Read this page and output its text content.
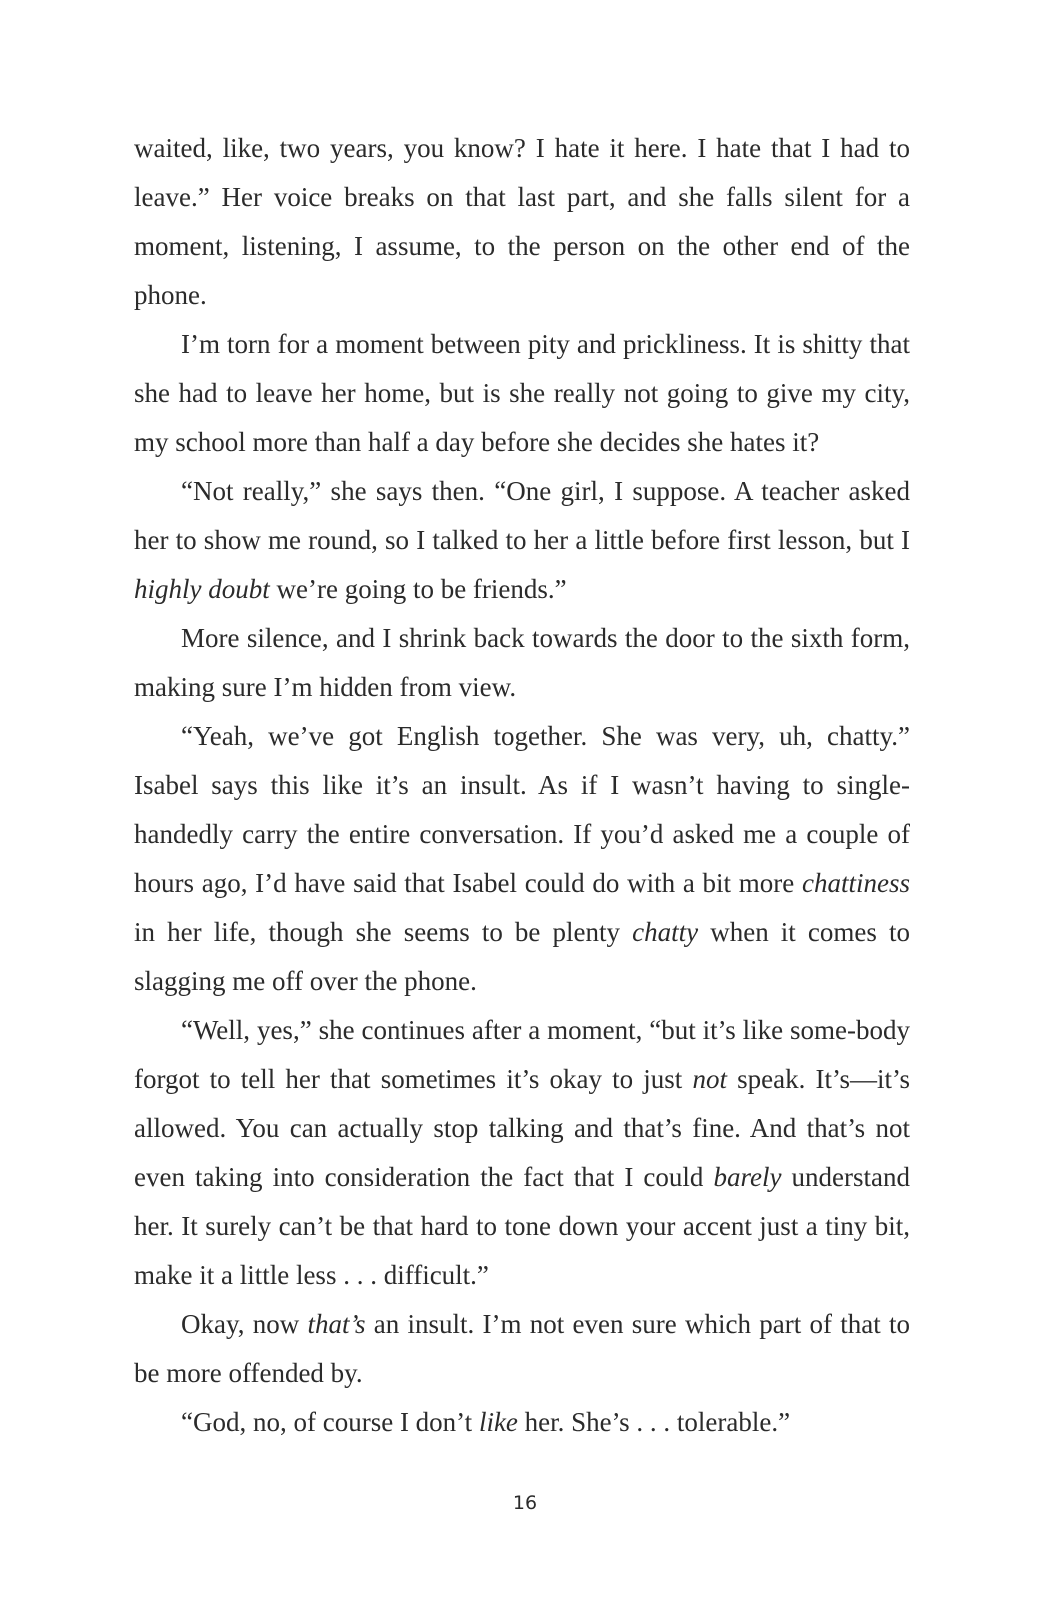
waited, like, two years, you know? I hate it here. I hate that I had to leave.” Her voice breaks on that last part, and she falls silent for a moment, listening, I assume, to the person on the other end of the phone.

I’m torn for a moment between pity and prickliness. It is shitty that she had to leave her home, but is she really not going to give my city, my school more than half a day before she decides she hates it?

“Not really,” she says then. “One girl, I suppose. A teacher asked her to show me round, so I talked to her a little before first lesson, but I highly doubt we’re going to be friends.”

More silence, and I shrink back towards the door to the sixth form, making sure I’m hidden from view.

“Yeah, we’ve got English together. She was very, uh, chatty.” Isabel says this like it’s an insult. As if I wasn’t having to single-handedly carry the entire conversation. If you’d asked me a couple of hours ago, I’d have said that Isabel could do with a bit more chattiness in her life, though she seems to be plenty chatty when it comes to slagging me off over the phone.

“Well, yes,” she continues after a moment, “but it’s like some-body forgot to tell her that sometimes it’s okay to just not speak. It’s—it’s allowed. You can actually stop talking and that’s fine. And that’s not even taking into consideration the fact that I could barely understand her. It surely can’t be that hard to tone down your accent just a tiny bit, make it a little less . . . difficult.”

Okay, now that’s an insult. I’m not even sure which part of that to be more offended by.

“God, no, of course I don’t like her. She’s . . . tolerable.”

16
